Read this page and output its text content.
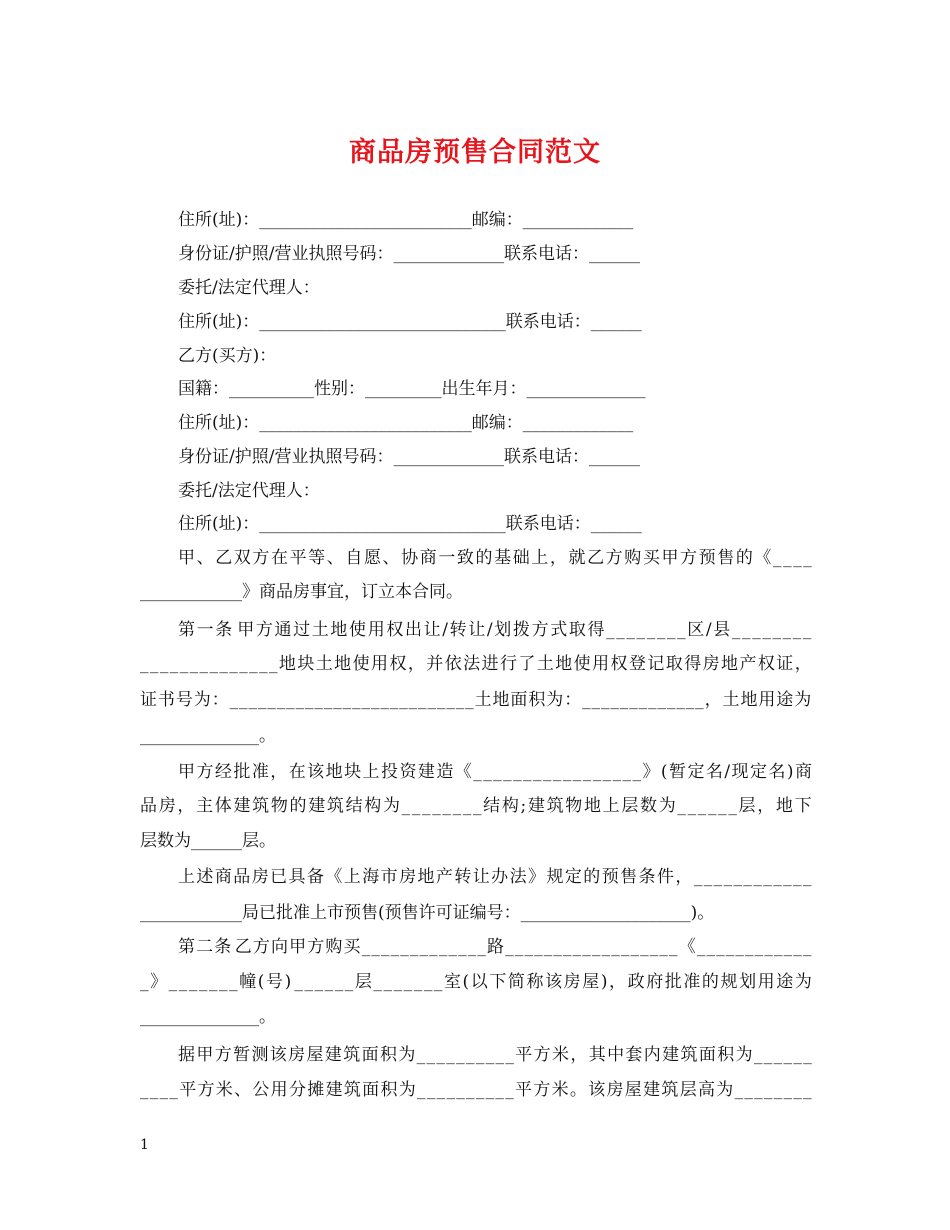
商品房预售合同范文
住所(址)：_________________________邮编：_____________
身份证/护照/营业执照号码：_____________联系电话：______
委托/法定代理人：
住所(址)：_____________________________联系电话：______
乙方(买方)：
国籍：__________性别：_________出生年月：______________
住所(址)：_________________________邮编：_____________
身份证/护照/营业执照号码：_____________联系电话：______
委托/法定代理人：
住所(址)：_____________________________联系电话：______
甲 、 乙 双 方 在 平 等 、 自 愿 、 协 商 一 致 的 基 础 上 ， 就 乙 方 购 买 甲 方 预 售 的 《 _ _ _ _
____________》商品房事宜，订立本合同。
第 一 条 甲 方 通 过 土 地 使 用 权 出 让 / 转 让 / 划 拨 方 式 取 得 _ _ _ _ _ _ _ _ 区 / 县 _ _ _ _ _ _ _ _
_ _ _ _ _ _ _ _ _ _ _ _ _ _ 地 块 土 地 使 用 权 ， 并 依 法 进 行 了 土 地 使 用 权 登 记 取 得 房 地 产 权 证 ，
证 书 号 为 ： _ _ _ _ _ _ _ _ _ _ _ _ _ _ _ _ _ _ _ _ _ _ _ _ _ _ 土 地 面 积 为 ： _ _ _ _ _ _ _ _ _ _ _ _ _ ， 土 地 用 途 为
______________。
甲 方 经 批 准 ， 在 该 地 块 上 投 资 建 造 《 _ _ _ _ _ _ _ _ _ _ _ _ _ _ _ _ _ 》 ( 暂 定 名 / 现 定 名 ) 商
品 房 ， 主 体 建 筑 物 的 建 筑 结 构 为 _ _ _ _ _ _ _ _ 结 构 ; 建 筑 物 地 上 层 数 为 _ _ _ _ _ _ 层 ， 地 下
层数为______层。
上 述 商 品 房 已 具 备 《 上 海 市 房 地 产 转 让 办 法 》 规 定 的 预 售 条 件 ， _ _ _ _ _ _ _ _ _ _ _ _
____________局已批准上市预售(预售许可证编号：____________________)。
第 二 条 乙 方 向 甲 方 购 买 _ _ _ _ _ _ _ _ _ _ _ _ _ 路 _ _ _ _ _ _ _ _ _ _ _ _ _ _ _ _ _ _ 《 _ _ _ _ _ _ _ _ _ _ _ _
_ 》 _ _ _ _ _ _ _ 幢 ( 号 ) _ _ _ _ _ _ 层 _ _ _ _ _ _ _ 室 ( 以 下 简 称 该 房 屋 ) ， 政 府 批 准 的 规 划 用 途 为
______________。
据 甲 方 暂 测 该 房 屋 建 筑 面 积 为 _ _ _ _ _ _ _ _ _ _ 平 方 米 ， 其 中 套 内 建 筑 面 积 为 _ _ _ _ _ _
_ _ _ _ 平 方 米 、 公 用 分 摊 建 筑 面 积 为 _ _ _ _ _ _ _ _ _ _ 平 方 米 。 该 房 屋 建 筑 层 高 为 _ _ _ _ _ _ _ _
1
